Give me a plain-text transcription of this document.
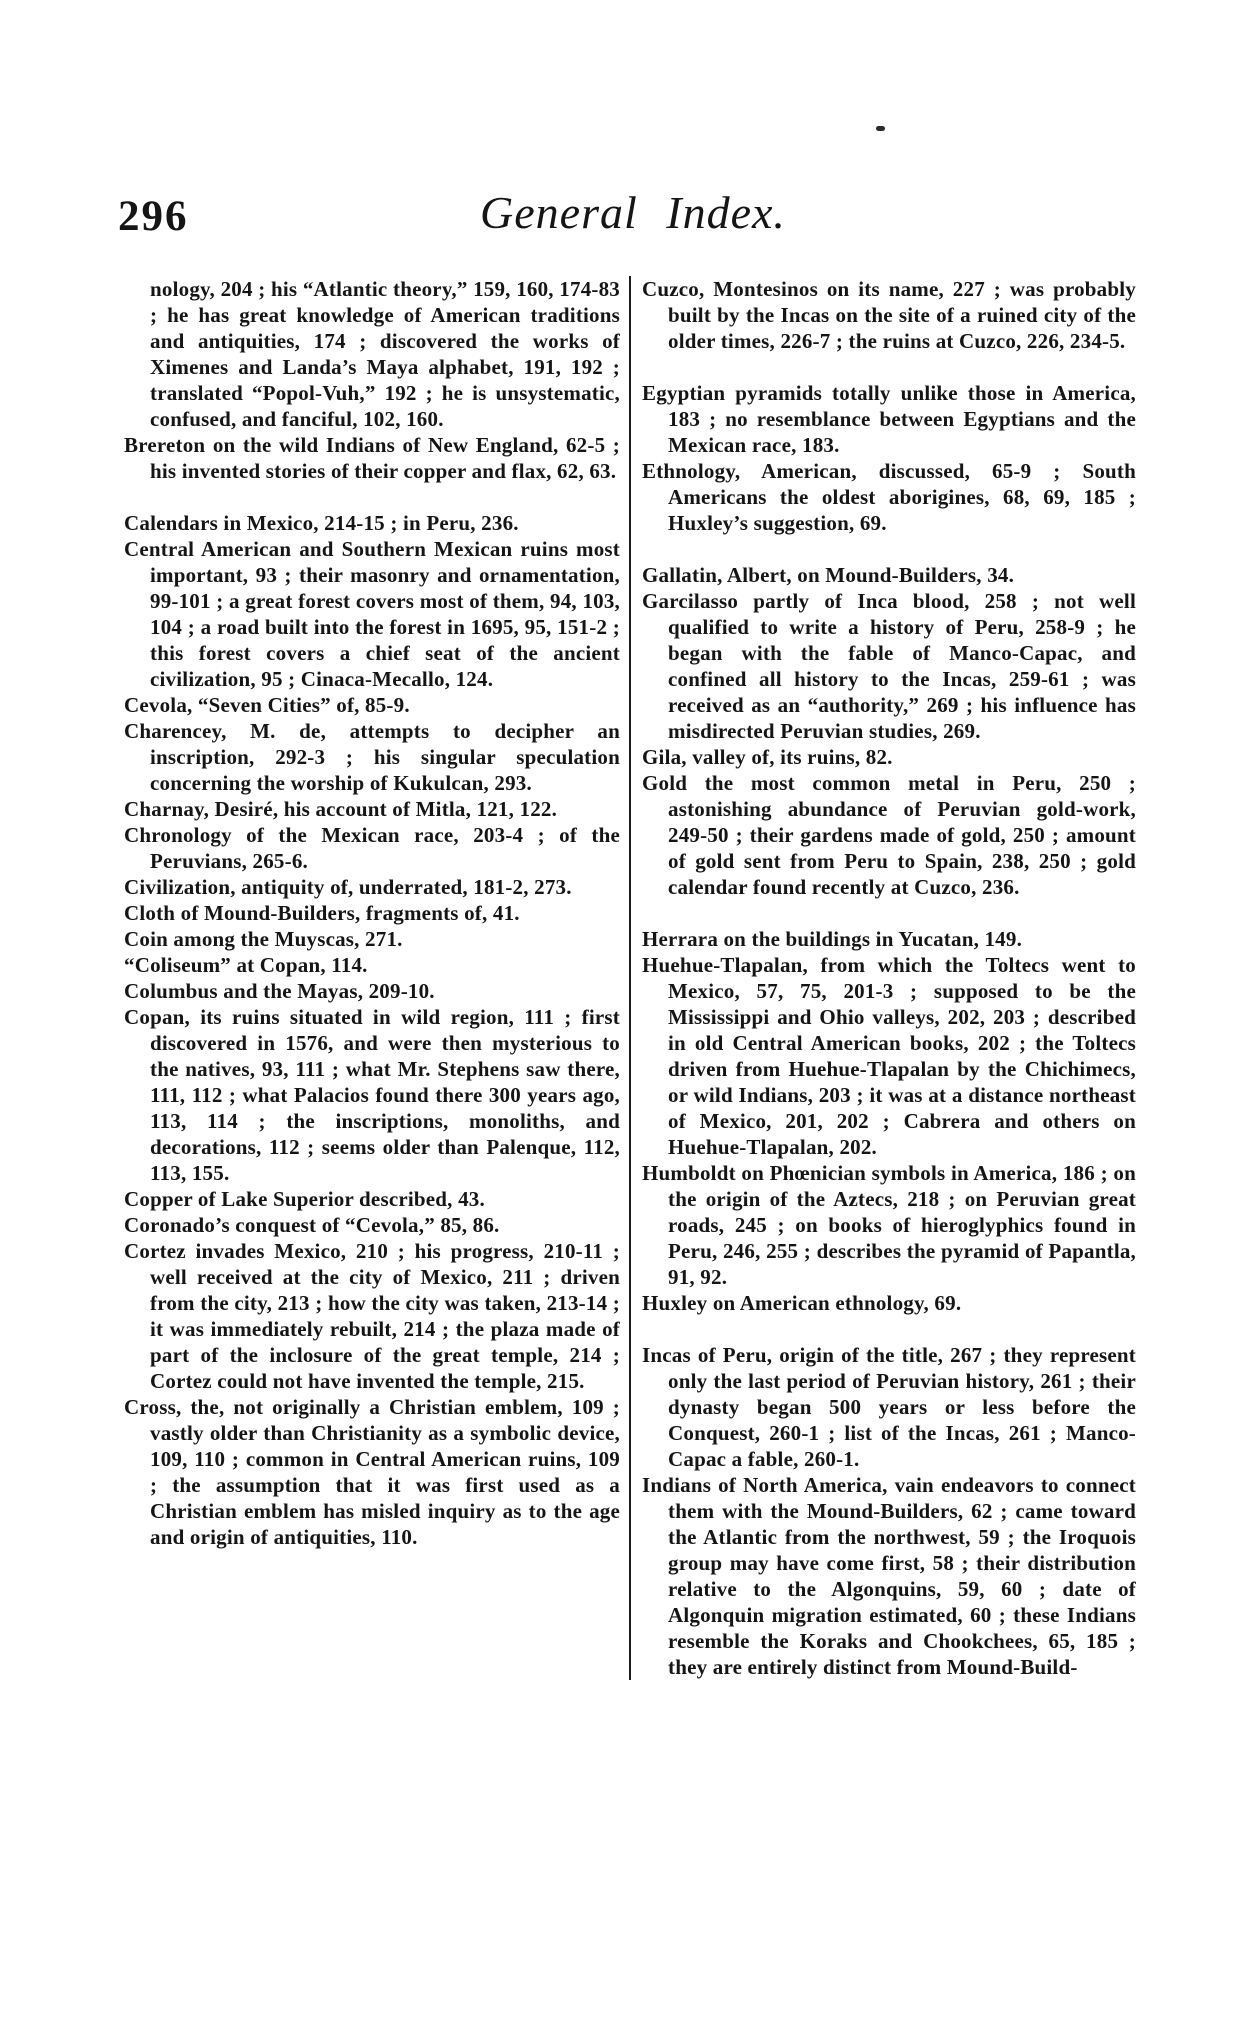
296	General Index.

nology, 204 ; his “Atlantic theory,” 159, 160, 174-83 ; he has great knowledge of American traditions and antiquities, 174 ; discovered the works of Ximenes and Landa’s Maya alphabet, 191, 192 ; translated “Popol-Vuh,” 192 ; he is unsystematic, confused, and fanciful, 102, 160.

Brereton on the wild Indians of New England, 62-5 ; his invented stories of their copper and flax, 62, 63.

Calendars in Mexico, 214-15 ; in Peru, 236.

Central American and Southern Mexican ruins most important, 93 ; their masonry and ornamentation, 99-101 ; a great forest covers most of them, 94, 103, 104 ; a road built into the forest in 1695, 95, 151-2 ; this forest covers a chief seat of the ancient civilization, 95 ; Cinaca-Mecallo, 124.

Cevola, “Seven Cities” of, 85-9.

Charencey, M. de, attempts to decipher an inscription, 292-3 ; his singular speculation concerning the worship of Kukulcan, 293.

Charnay, Desiré, his account of Mitla, 121, 122.

Chronology of the Mexican race, 203-4 ; of the Peruvians, 265-6.

Civilization, antiquity of, underrated, 181-2, 273.

Cloth of Mound-Builders, fragments of, 41.

Coin among the Muyscas, 271.

“Coliseum” at Copan, 114.

Columbus and the Mayas, 209-10.

Copan, its ruins situated in wild region, 111 ; first discovered in 1576, and were then mysterious to the natives, 93, 111 ; what Mr. Stephens saw there, 111, 112 ; what Palacios found there 300 years ago, 113, 114 ; the inscriptions, monoliths, and decorations, 112 ; seems older than Palenque, 112, 113, 155.

Copper of Lake Superior described, 43.

Coronado’s conquest of “Cevola,” 85, 86.

Cortez invades Mexico, 210 ; his progress, 210-11 ; well received at the city of Mexico, 211 ; driven from the city, 213 ; how the city was taken, 213-14 ; it was immediately rebuilt, 214 ; the plaza made of part of the inclosure of the great temple, 214 ; Cortez could not have invented the temple, 215.

Cross, the, not originally a Christian emblem, 109 ; vastly older than Christianity as a symbolic device, 109, 110 ; common in Central American ruins, 109 ; the assumption that it was first used as a Christian emblem has misled inquiry as to the age and origin of antiquities, 110.

Cuzco, Montesinos on its name, 227 ; was probably built by the Incas on the site of a ruined city of the older times, 226-7 ; the ruins at Cuzco, 226, 234-5.

Egyptian pyramids totally unlike those in America, 183 ; no resemblance between Egyptians and the Mexican race, 183.

Ethnology, American, discussed, 65-9 ; South Americans the oldest aborigines, 68, 69, 185 ; Huxley’s suggestion, 69.

Gallatin, Albert, on Mound-Builders, 34.

Garcilasso partly of Inca blood, 258 ; not well qualified to write a history of Peru, 258-9 ; he began with the fable of Manco-Capac, and confined all history to the Incas, 259-61 ; was received as an “authority,” 269 ; his influence has misdirected Peruvian studies, 269.

Gila, valley of, its ruins, 82.

Gold the most common metal in Peru, 250 ; astonishing abundance of Peruvian gold-work, 249-50 ; their gardens made of gold, 250 ; amount of gold sent from Peru to Spain, 238, 250 ; gold calendar found recently at Cuzco, 236.

Herrara on the buildings in Yucatan, 149.

Huehue-Tlapalan, from which the Toltecs went to Mexico, 57, 75, 201-3 ; supposed to be the Mississippi and Ohio valleys, 202, 203 ; described in old Central American books, 202 ; the Toltecs driven from Huehue-Tlapalan by the Chichimecs, or wild Indians, 203 ; it was at a distance northeast of Mexico, 201, 202 ; Cabrera and others on Huehue-Tlapalan, 202.

Humboldt on Phœnician symbols in America, 186 ; on the origin of the Aztecs, 218 ; on Peruvian great roads, 245 ; on books of hieroglyphics found in Peru, 246, 255 ; describes the pyramid of Papantla, 91, 92.

Huxley on American ethnology, 69.

Incas of Peru, origin of the title, 267 ; they represent only the last period of Peruvian history, 261 ; their dynasty began 500 years or less before the Conquest, 260-1 ; list of the Incas, 261 ; Manco-Capac a fable, 260-1.

Indians of North America, vain endeavors to connect them with the Mound-Builders, 62 ; came toward the Atlantic from the northwest, 59 ; the Iroquois group may have come first, 58 ; their distribution relative to the Algonquins, 59, 60 ; date of Algonquin migration estimated, 60 ; these Indians resemble the Koraks and Chookchees, 65, 185 ; they are entirely distinct from Mound-Build-
